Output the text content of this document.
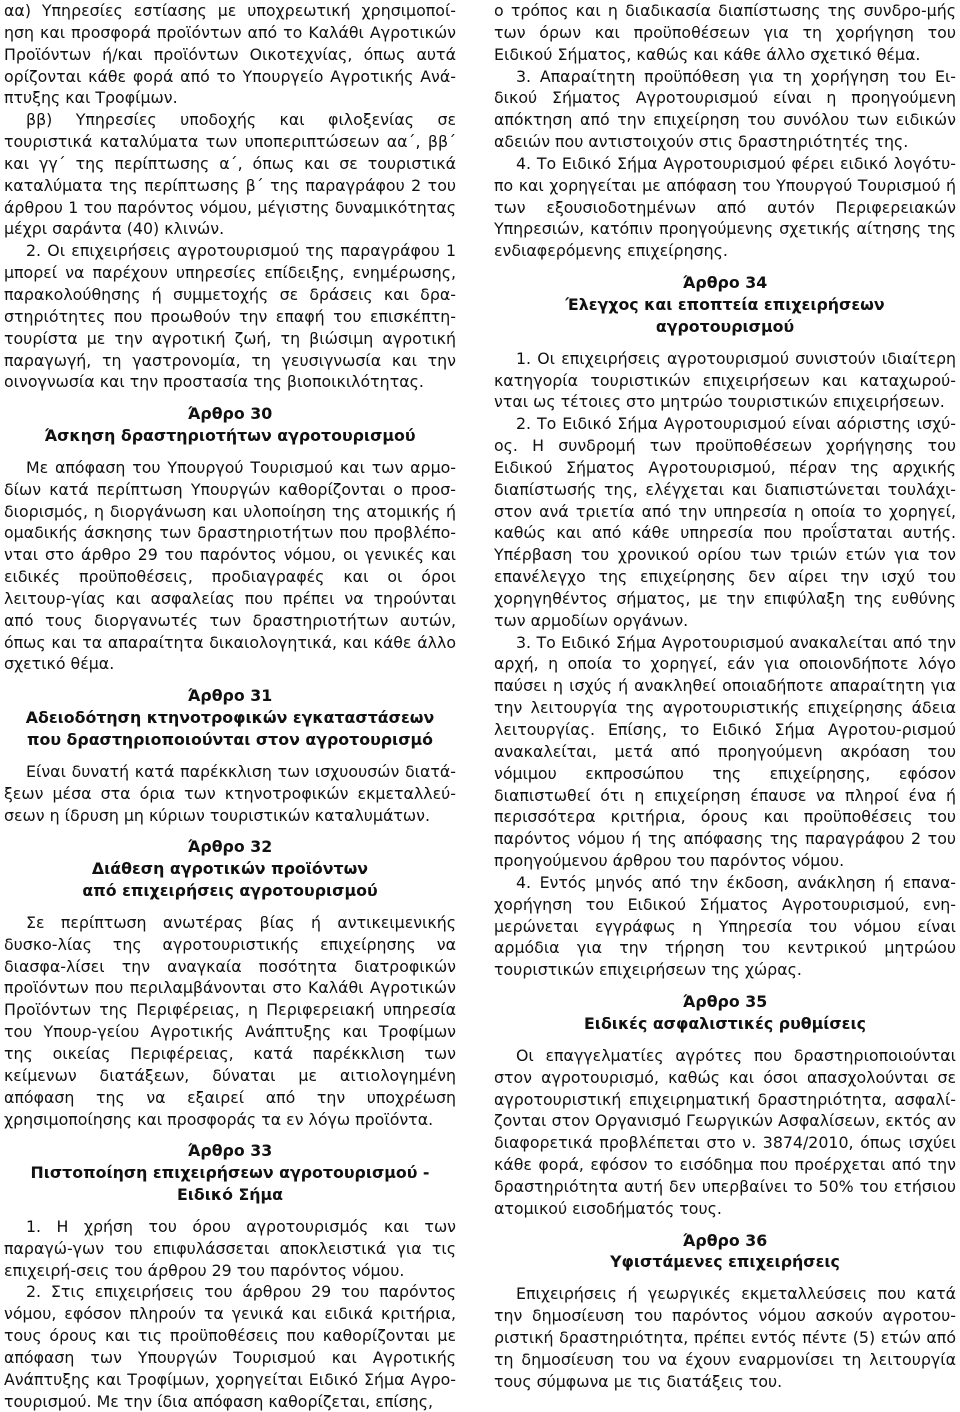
αα) Υπηρεσίες εστίασης με υποχρεωτική χρησιμοποί-ηση και προσφορά προϊόντων από το Καλάθι Αγροτικών Προϊόντων ή/και προϊόντων Οικοτεχνίας, όπως αυτά ορίζονται κάθε φορά από το Υπουργείο Αγροτικής Ανά-πτυξης και Τροφίμων.

ββ) Υπηρεσίες υποδοχής και φιλοξενίας σε τουριστικά καταλύματα των υποπεριπτώσεων αα΄, ββ΄ και γγ΄ της περίπτωσης α΄, όπως και σε τουριστικά καταλύματα της περίπτωσης β΄ της παραγράφου 2 του άρθρου 1 του παρόντος νόμου, μέγιστης δυναμικότητας μέχρι σαράντα (40) κλινών.

2. Οι επιχειρήσεις αγροτουρισμού της παραγράφου 1 μπορεί να παρέχουν υπηρεσίες επίδειξης, ενημέρωσης, παρακολούθησης ή συμμετοχής σε δράσεις και δρα-στηριότητες που προωθούν την επαφή του επισκέπτη-τουρίστα με την αγροτική ζωή, τη βιώσιμη αγροτική παραγωγή, τη γαστρονομία, τη γευσιγνωσία και την οινογνωσία και την προστασία της βιοποικιλότητας.

Άρθρο 30

Άσκηση δραστηριοτήτων αγροτουρισμού

Με απόφαση του Υπουργού Τουρισμού και των αρμο-δίων κατά περίπτωση Υπουργών καθορίζονται ο προσ-διορισμός, η διοργάνωση και υλοποίηση της ατομικής ή ομαδικής άσκησης των δραστηριοτήτων που προβλέπο-νται στο άρθρο 29 του παρόντος νόμου, οι γενικές και ειδικές προϋποθέσεις, προδιαγραφές και οι όροι λειτουρ-γίας και ασφαλείας που πρέπει να τηρούνται από τους διοργανωτές των δραστηριοτήτων αυτών, όπως και τα απαραίτητα δικαιολογητικά, και κάθε άλλο σχετικό θέμα.

Άρθρο 31

Αδειοδότηση κτηνοτροφικών εγκαταστάσεων

που δραστηριοποιούνται στον αγροτουρισμό

Είναι δυνατή κατά παρέκκλιση των ισχυουσών διατά-ξεων μέσα στα όρια των κτηνοτροφικών εκμεταλλεύ-σεων η ίδρυση μη κύριων τουριστικών καταλυμάτων.

Άρθρο 32

Διάθεση αγροτικών προϊόντων

από επιχειρήσεις αγροτουρισμού

Σε περίπτωση ανωτέρας βίας ή αντικειμενικής δυσκο-λίας της αγροτουριστικής επιχείρησης να διασφα-λίσει την αναγκαία ποσότητα διατροφικών προϊόντων που περιλαμβάνονται στο Καλάθι Αγροτικών Προϊόντων της Περιφέρειας, η Περιφερειακή υπηρεσία του Υπουρ-γείου Αγροτικής Ανάπτυξης και Τροφίμων της οικείας Περιφέρειας, κατά παρέκκλιση των κείμενων διατάξεων, δύναται με αιτιολογημένη απόφαση της να εξαιρεί από την υποχρέωση χρησιμοποίησης και προσφοράς τα εν λόγω προϊόντα.

Άρθρο 33

Πιστοποίηση επιχειρήσεων αγροτουρισμού -

Ειδικό Σήμα

1. Η χρήση του όρου αγροτουρισμός και των παραγώ-γων του επιφυλάσσεται αποκλειστικά για τις επιχειρή-σεις του άρθρου 29 του παρόντος νόμου.

2. Στις επιχειρήσεις του άρθρου 29 του παρόντος νόμου, εφόσον πληρούν τα γενικά και ειδικά κριτήρια, τους όρους και τις προϋποθέσεις που καθορίζονται με απόφαση των Υπουργών Τουρισμού και Αγροτικής Ανάπτυξης και Τροφίμων, χορηγείται Ειδικό Σήμα Αγρο-τουρισμού. Με την ίδια απόφαση καθορίζεται, επίσης,

ο τρόπος και η διαδικασία διαπίστωσης της συνδρο-μής των όρων και προϋποθέσεων για τη χορήγηση του Ειδικού Σήματος, καθώς και κάθε άλλο σχετικό θέμα.

3. Απαραίτητη προϋπόθεση για τη χορήγηση του Ει-δικού Σήματος Αγροτουρισμού είναι η προηγούμενη απόκτηση από την επιχείρηση του συνόλου των ειδικών αδειών που αντιστοιχούν στις δραστηριότητές της.

4. Το Ειδικό Σήμα Αγροτουρισμού φέρει ειδικό λογότυ-πο και χορηγείται με απόφαση του Υπουργού Τουρισμού ή των εξουσιοδοτημένων από αυτόν Περιφερειακών Υπηρεσιών, κατόπιν προηγούμενης σχετικής αίτησης της ενδιαφερόμενης επιχείρησης.

Άρθρο 34

Έλεγχος και εποπτεία επιχειρήσεων αγροτουρισμού

1. Οι επιχειρήσεις αγροτουρισμού συνιστούν ιδιαίτερη κατηγορία τουριστικών επιχειρήσεων και καταχωρού-νται ως τέτοιες στο μητρώο τουριστικών επιχειρήσεων.

2. Το Ειδικό Σήμα Αγροτουρισμού είναι αόριστης ισχύ-ος. Η συνδρομή των προϋποθέσεων χορήγησης του Ειδικού Σήματος Αγροτουρισμού, πέραν της αρχικής διαπίστωσής της, ελέγχεται και διαπιστώνεται τουλάχι-στον ανά τριετία από την υπηρεσία η οποία το χορηγεί, καθώς και από κάθε υπηρεσία που προΐσταται αυτής. Υπέρβαση του χρονικού ορίου των τριών ετών για τον επανέλεγχο της επιχείρησης δεν αίρει την ισχύ του χορηγηθέντος σήματος, με την επιφύλαξη της ευθύνης των αρμοδίων οργάνων.

3. Το Ειδικό Σήμα Αγροτουρισμού ανακαλείται από την αρχή, η οποία το χορηγεί, εάν για οποιονδήποτε λόγο παύσει η ισχύς ή ανακληθεί οποιαδήποτε απαραίτητη για την λειτουργία της αγροτουριστικής επιχείρησης άδεια λειτουργίας. Επίσης, το Ειδικό Σήμα Αγροτου-ρισμού ανακαλείται, μετά από προηγούμενη ακρόαση του νόμιμου εκπροσώπου της επιχείρησης, εφόσον διαπιστωθεί ότι η επιχείρηση έπαυσε να πληροί ένα ή περισσότερα κριτήρια, όρους και προϋποθέσεις του παρόντος νόμου ή της απόφασης της παραγράφου 2 του προηγούμενου άρθρου του παρόντος νόμου.

4. Εντός μηνός από την έκδοση, ανάκληση ή επανα-χορήγηση του Ειδικού Σήματος Αγροτουρισμού, ενη-μερώνεται εγγράφως η Υπηρεσία του νόμου είναι αρμόδια για την τήρηση του κεντρικού μητρώου τουριστικών επιχειρήσεων της χώρας.

Άρθρο 35

Ειδικές ασφαλιστικές ρυθμίσεις

Οι επαγγελματίες αγρότες που δραστηριοποιούνται στον αγροτουρισμό, καθώς και όσοι απασχολούνται σε αγροτουριστική επιχειρηματική δραστηριότητα, ασφαλί-ζονται στον Οργανισμό Γεωργικών Ασφαλίσεων, εκτός αν διαφορετικά προβλέπεται στο ν. 3874/2010, όπως ισχύει κάθε φορά, εφόσον το εισόδημα που προέρχεται από την δραστηριότητα αυτή δεν υπερβαίνει το 50% του ετήσιου ατομικού εισοδήματός τους.

Άρθρο 36

Υφιστάμενες επιχειρήσεις

Επιχειρήσεις ή γεωργικές εκμεταλλεύσεις που κατά την δημοσίευση του παρόντος νόμου ασκούν αγροτου-ριστική δραστηριότητα, πρέπει εντός πέντε (5) ετών από τη δημοσίευση του να έχουν εναρμονίσει τη λειτουργία τους σύμφωνα με τις διατάξεις του.
